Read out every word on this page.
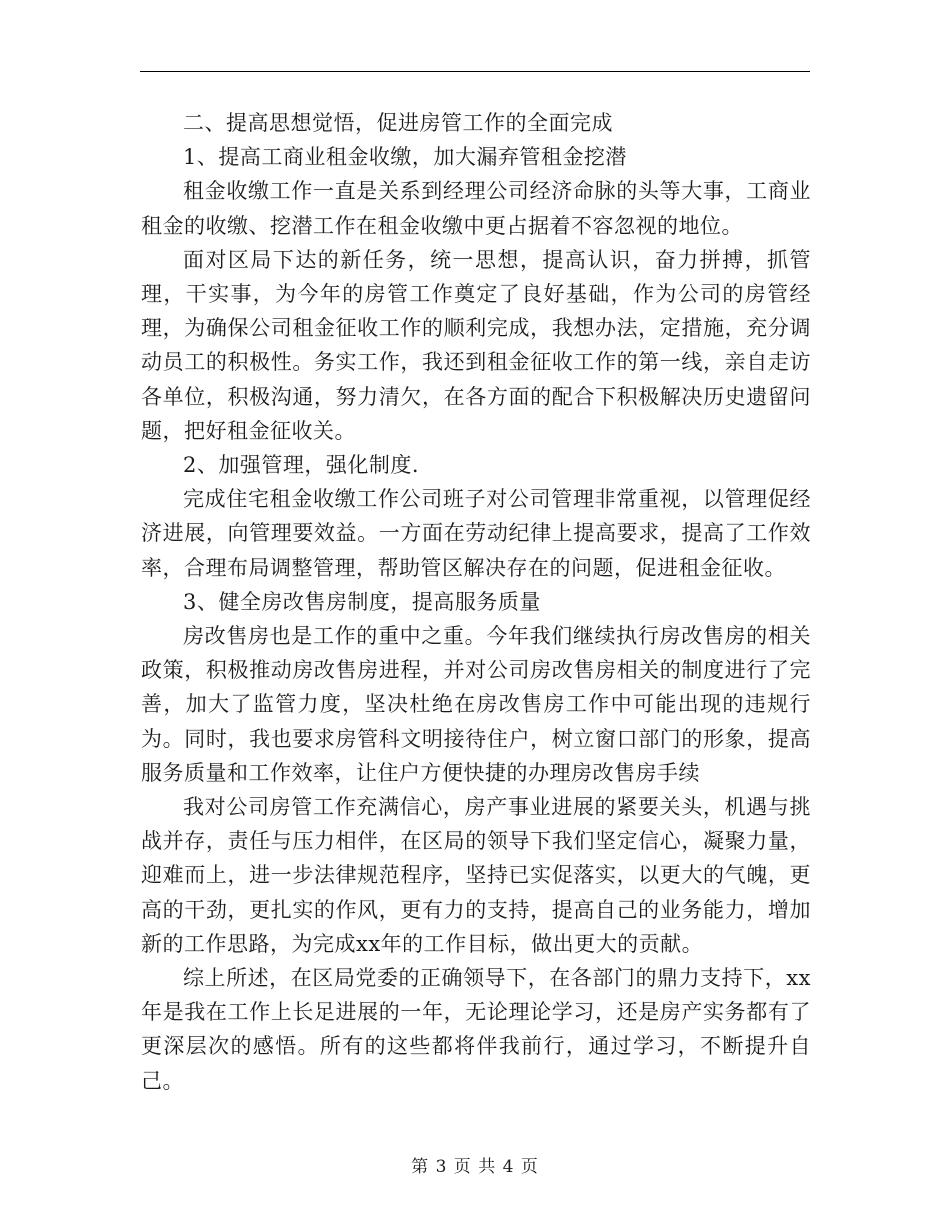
二、提高思想觉悟，促进房管工作的全面完成

1、提高工商业租金收缴，加大漏弃管租金挖潜

租金收缴工作一直是关系到经理公司经济命脉的头等大事，工商业租金的收缴、挖潜工作在租金收缴中更占据着不容忽视的地位。

面对区局下达的新任务，统一思想，提高认识，奋力拼搏，抓管理，干实事，为今年的房管工作奠定了良好基础，作为公司的房管经理，为确保公司租金征收工作的顺利完成，我想办法，定措施，充分调动员工的积极性。务实工作，我还到租金征收工作的第一线，亲自走访各单位，积极沟通，努力清欠，在各方面的配合下积极解决历史遗留问题，把好租金征收关。

2、加强管理，强化制度.

完成住宅租金收缴工作公司班子对公司管理非常重视，以管理促经济进展，向管理要效益。一方面在劳动纪律上提高要求，提高了工作效率，合理布局调整管理，帮助管区解决存在的问题，促进租金征收。

3、健全房改售房制度，提高服务质量

房改售房也是工作的重中之重。今年我们继续执行房改售房的相关政策，积极推动房改售房进程，并对公司房改售房相关的制度进行了完善，加大了监管力度，坚决杜绝在房改售房工作中可能出现的违规行为。同时，我也要求房管科文明接待住户，树立窗口部门的形象，提高服务质量和工作效率，让住户方便快捷的办理房改售房手续

我对公司房管工作充满信心，房产事业进展的紧要关头，机遇与挑战并存，责任与压力相伴，在区局的领导下我们坚定信心，凝聚力量，迎难而上，进一步法律规范程序，坚持已实促落实，以更大的气魄，更高的干劲，更扎实的作风，更有力的支持，提高自己的业务能力，增加新的工作思路，为完成xx年的工作目标，做出更大的贡献。

综上所述，在区局党委的正确领导下，在各部门的鼎力支持下，xx年是我在工作上长足进展的一年，无论理论学习，还是房产实务都有了更深层次的感悟。所有的这些都将伴我前行，通过学习，不断提升自己。

第 3 页 共 4 页
